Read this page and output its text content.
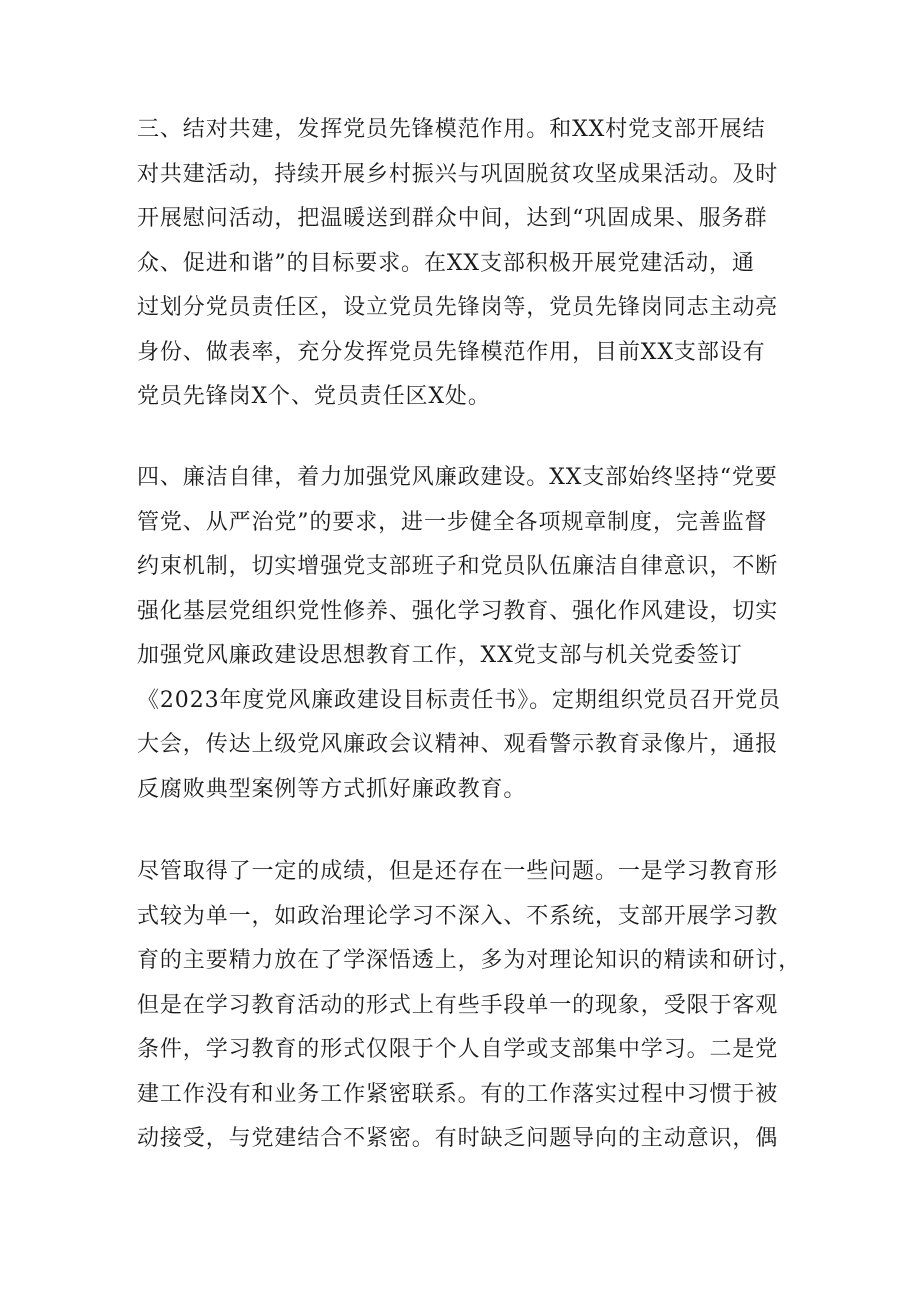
三、结对共建，发挥党员先锋模范作用。和XX村党支部开展结
对共建活动，持续开展乡村振兴与巩固脱贫攻坚成果活动。及时
开展慰问活动，把温暖送到群众中间，达到“巩固成果、服务群
众、促进和谐”的目标要求。在XX支部积极开展党建活动，通
过划分党员责任区，设立党员先锋岗等，党员先锋岗同志主动亮
身份、做表率，充分发挥党员先锋模范作用，目前XX支部设有
党员先锋岗X个、党员责任区X处。
四、廉洁自律，着力加强党风廉政建设。XX支部始终坚持“党要
管党、从严治党”的要求，进一步健全各项规章制度，完善监督
约束机制，切实增强党支部班子和党员队伍廉洁自律意识，不断
强化基层党组织党性修养、强化学习教育、强化作风建设，切实
加强党风廉政建设思想教育工作，XX党支部与机关党委签订
《2023年度党风廉政建设目标责任书》。定期组织党员召开党员
大会，传达上级党风廉政会议精神、观看警示教育录像片，通报
反腐败典型案例等方式抓好廉政教育。
尽管取得了一定的成绩，但是还存在一些问题。一是学习教育形
式较为单一，如政治理论学习不深入、不系统，支部开展学习教
育的主要精力放在了学深悟透上，多为对理论知识的精读和研讨，
但是在学习教育活动的形式上有些手段单一的现象，受限于客观
条件，学习教育的形式仅限于个人自学或支部集中学习。二是党
建工作没有和业务工作紧密联系。有的工作落实过程中习惯于被
动接受，与党建结合不紧密。有时缺乏问题导向的主动意识，偶
